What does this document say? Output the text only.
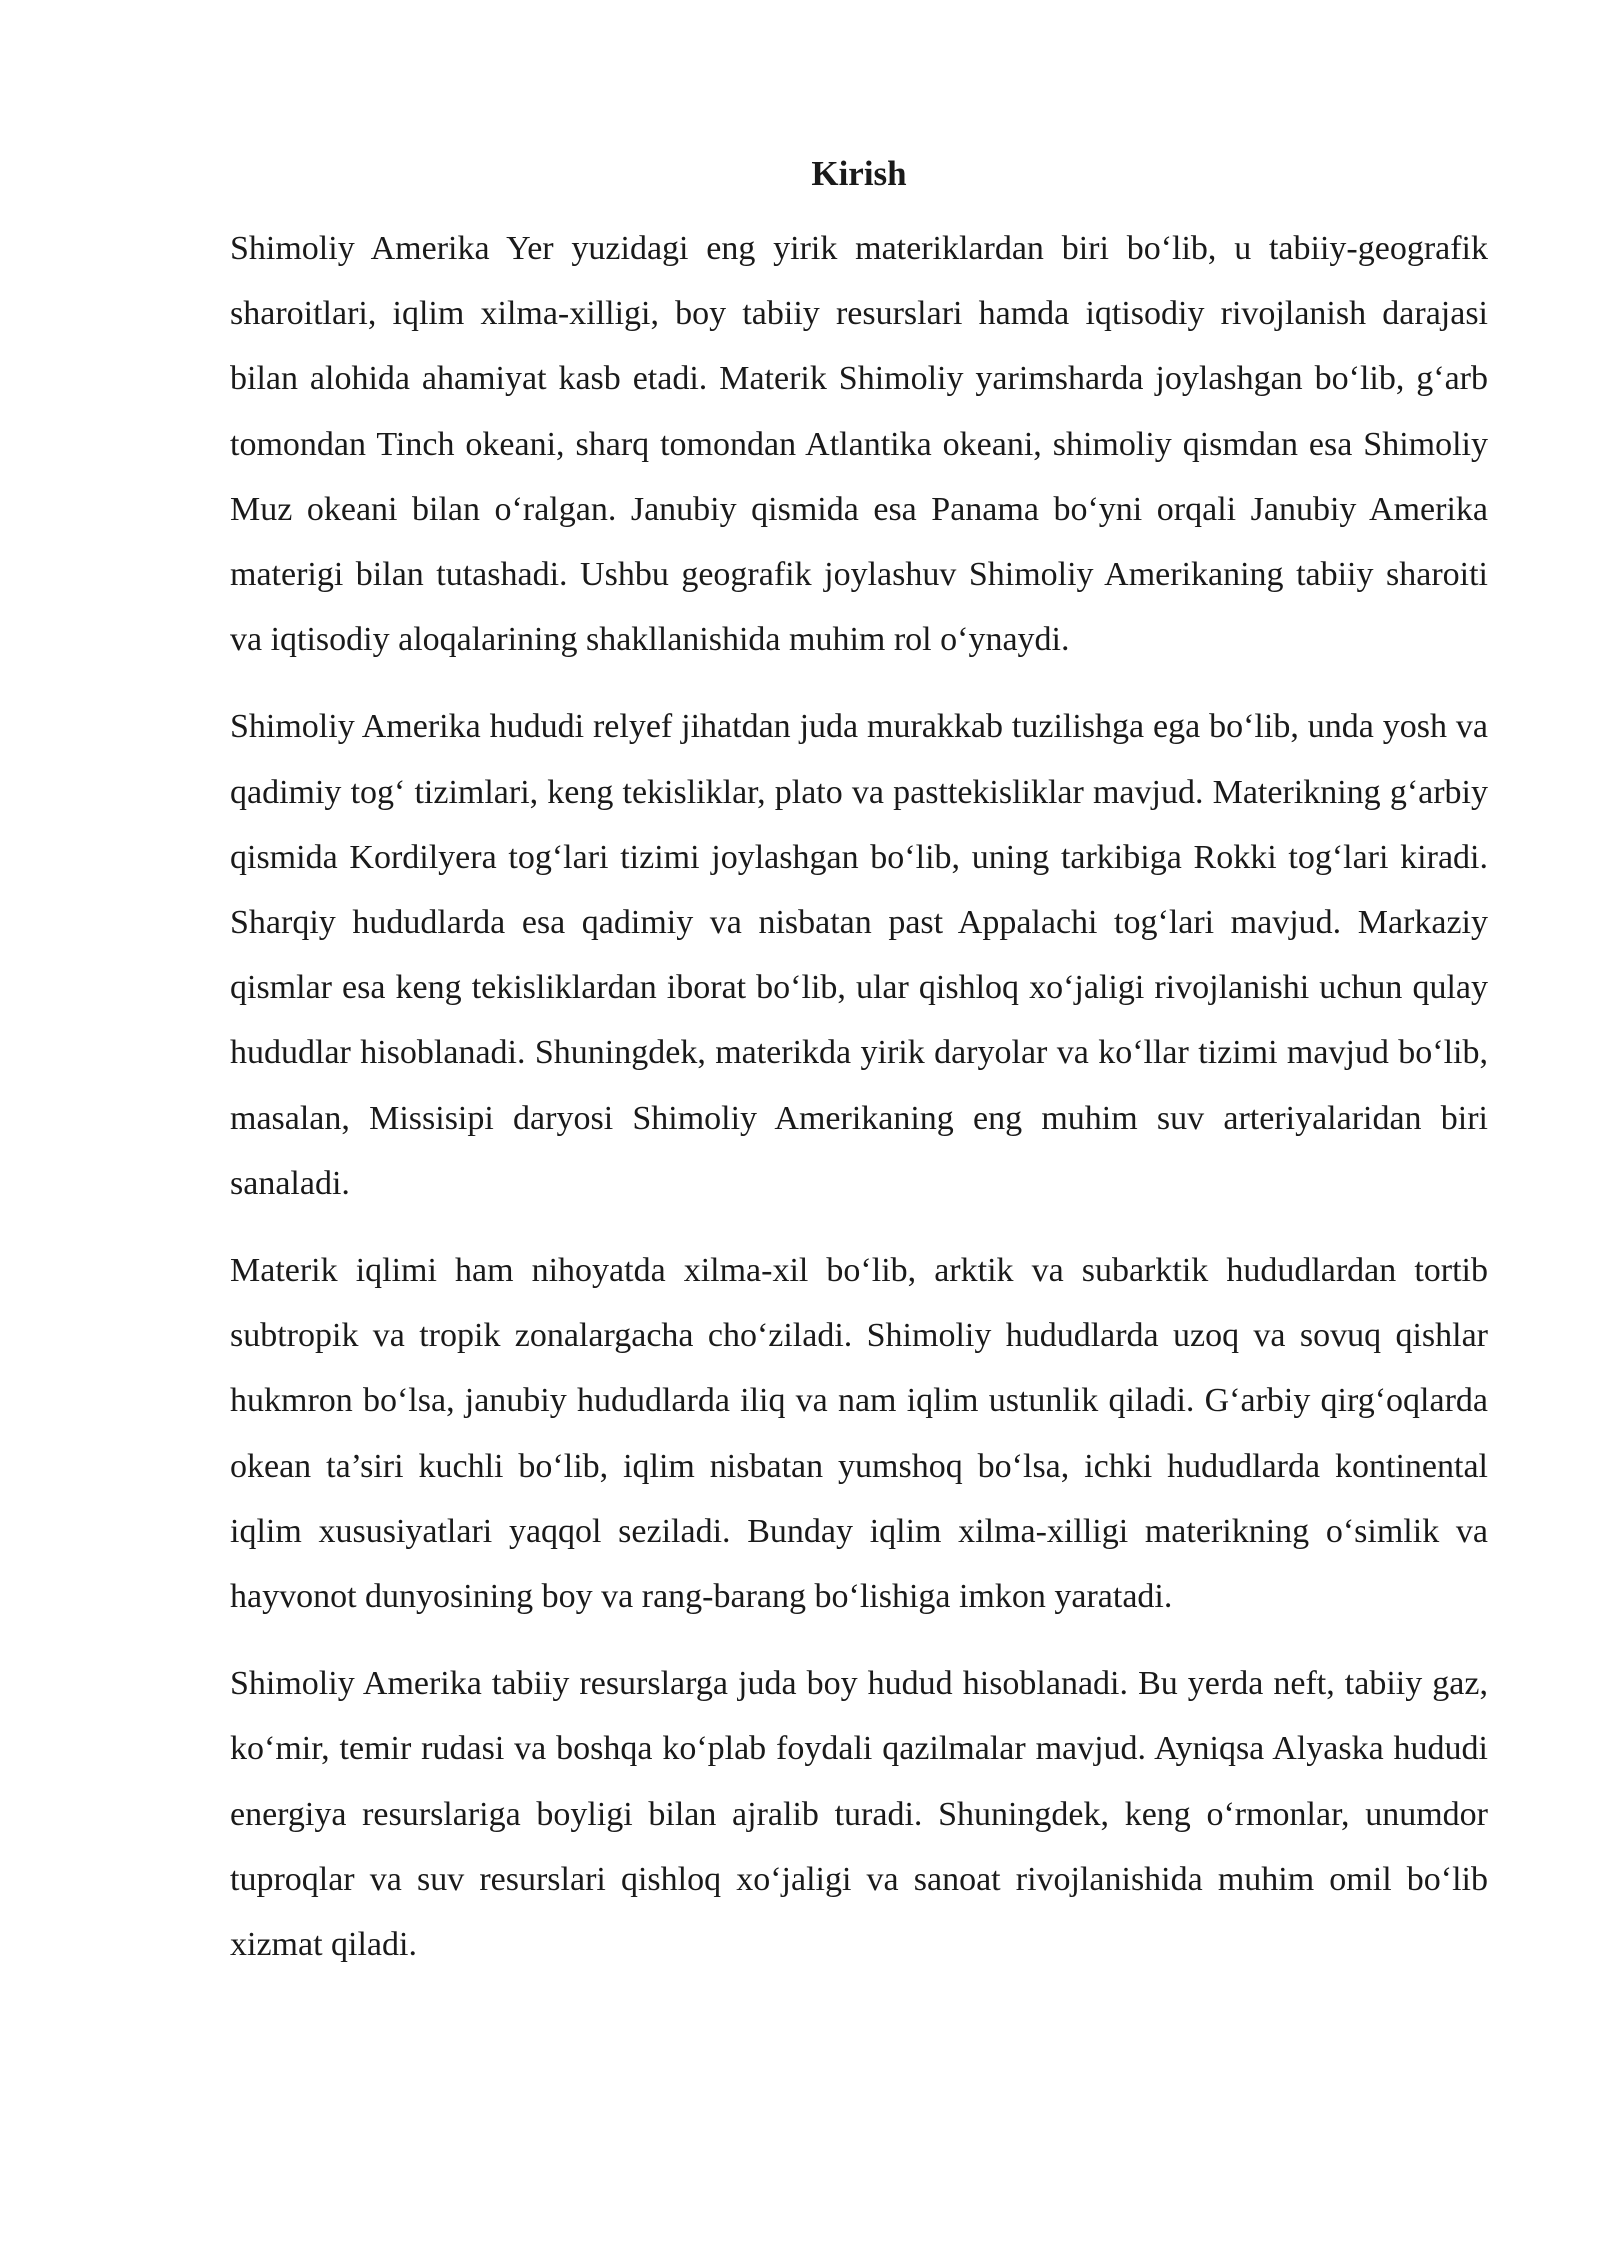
Kirish

Shimoliy Amerika Yer yuzidagi eng yirik materiklardan biri bo‘lib, u tabiiy-geografik sharoitlari, iqlim xilma-xilligi, boy tabiiy resurslari hamda iqtisodiy rivojlanish darajasi bilan alohida ahamiyat kasb etadi. Materik Shimoliy yarimsharda joylashgan bo‘lib, g‘arb tomondan Tinch okeani, sharq tomondan Atlantika okeani, shimoliy qismdan esa Shimoliy Muz okeani bilan o‘ralgan. Janubiy qismida esa Panama bo‘yni orqali Janubiy Amerika materigi bilan tutashadi. Ushbu geografik joylashuv Shimoliy Amerikaning tabiiy sharoiti va iqtisodiy aloqalarining shakllanishida muhim rol o‘ynaydi.

Shimoliy Amerika hududi relyef jihatdan juda murakkab tuzilishga ega bo‘lib, unda yosh va qadimiy tog‘ tizimlari, keng tekisliklar, plato va pasttekisliklar mavjud. Materikning g‘arbiy qismida Kordilyera tog‘lari tizimi joylashgan bo‘lib, uning tarkibiga Rokki tog‘lari kiradi. Sharqiy hududlarda esa qadimiy va nisbatan past Appalachi tog‘lari mavjud. Markaziy qismlar esa keng tekisliklardan iborat bo‘lib, ular qishloq xo‘jaligi rivojlanishi uchun qulay hududlar hisoblanadi. Shuningdek, materikda yirik daryolar va ko‘llar tizimi mavjud bo‘lib, masalan, Missisipi daryosi Shimoliy Amerikaning eng muhim suv arteriyalaridan biri sanaladi.

Materik iqlimi ham nihoyatda xilma-xil bo‘lib, arktik va subarktik hududlardan tortib subtropik va tropik zonalargacha cho‘ziladi. Shimoliy hududlarda uzoq va sovuq qishlar hukmron bo‘lsa, janubiy hududlarda iliq va nam iqlim ustunlik qiladi. G‘arbiy qirg‘oqlarda okean ta’siri kuchli bo‘lib, iqlim nisbatan yumshoq bo‘lsa, ichki hududlarda kontinental iqlim xususiyatlari yaqqol seziladi. Bunday iqlim xilma-xilligi materikning o‘simlik va hayvonot dunyosining boy va rang-barang bo‘lishiga imkon yaratadi.

Shimoliy Amerika tabiiy resurslarga juda boy hudud hisoblanadi. Bu yerda neft, tabiiy gaz, ko‘mir, temir rudasi va boshqa ko‘plab foydali qazilmalar mavjud. Ayniqsa Alyaska hududi energiya resurslariga boyligi bilan ajralib turadi. Shuningdek, keng o‘rmonlar, unumdor tuproqlar va suv resurslari qishloq xo‘jaligi va sanoat rivojlanishida muhim omil bo‘lib xizmat qiladi.
